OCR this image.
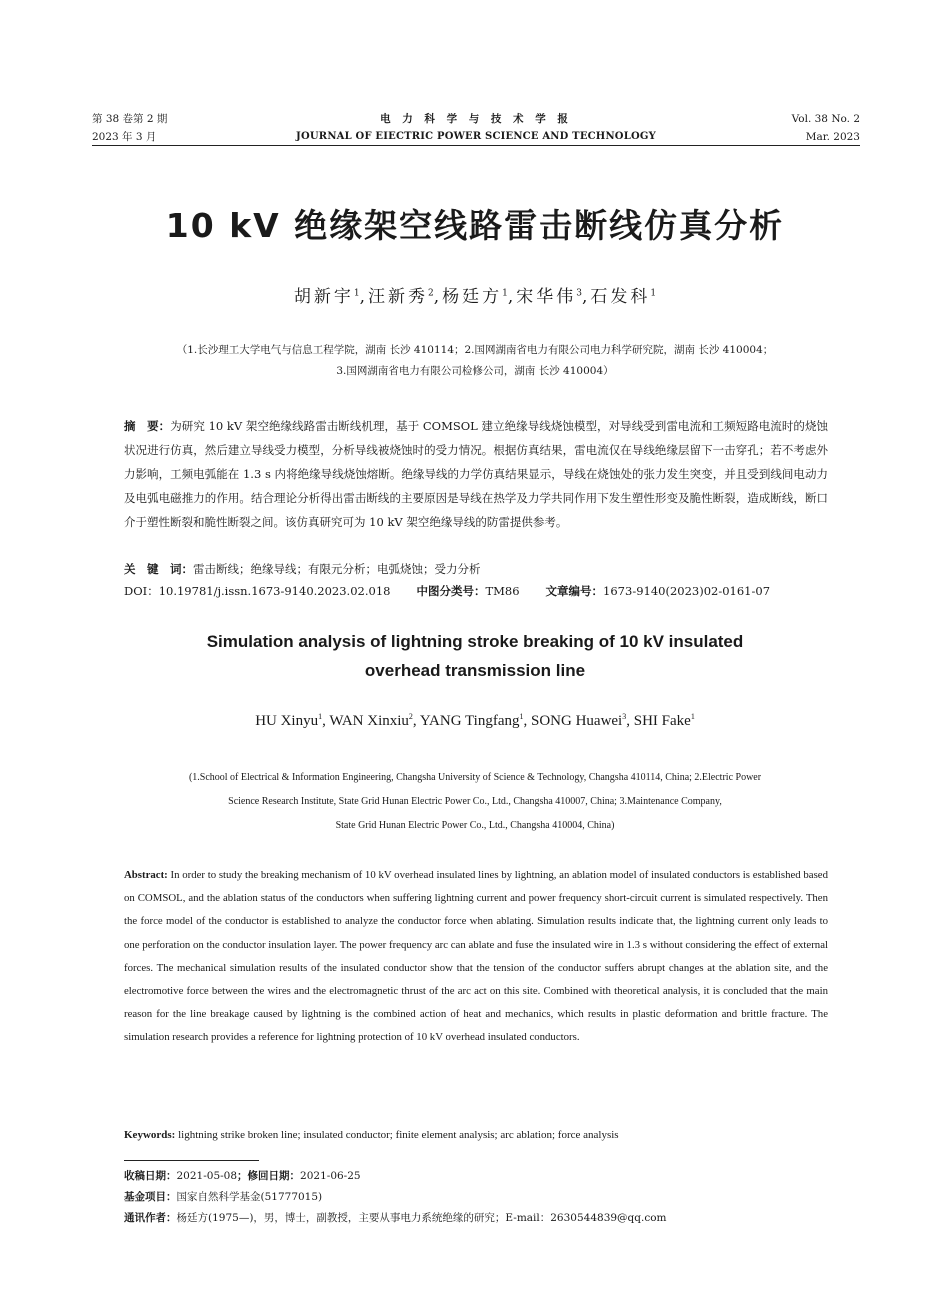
第 38 卷第 2 期
2023 年 3 月
电 力 科 学 与 技 术 学 报
JOURNAL OF EIECTRIC POWER SCIENCE AND TECHNOLOGY
Vol. 38 No. 2
Mar. 2023
10 kV 绝缘架空线路雷击断线仿真分析
胡新宇$^1$,汪新秀$^2$,杨廷方$^1$,宋华伟$^3$,石发科$^1$
（1.长沙理工大学电气与信息工程学院，湖南 长沙 410114；2.国网湖南省电力有限公司电力科学研究院，湖南 长沙 410004；
3.国网湖南省电力有限公司检修公司，湖南 长沙 410004）
摘　要：为研究 10 kV 架空绝缘线路雷击断线机理，基于 COMSOL 建立绝缘导线烧蚀模型，对导线受到雷电流和工频短路电流时的烧蚀状况进行仿真，然后建立导线受力模型，分析导线被烧蚀时的受力情况。根据仿真结果，雷电流仅在导线绝缘层留下一击穿孔；若不考虑外力影响，工频电弧能在 1.3 s 内将绝缘导线烧蚀熔断。绝缘导线的力学仿真结果显示，导线在烧蚀处的张力发生突变，并且受到线间电动力及电弧电磁推力的作用。结合理论分析得出雷击断线的主要原因是导线在热学及力学共同作用下发生塑性形变及脆性断裂，造成断线，断口介于塑性断裂和脆性断裂之间。该仿真研究可为 10 kV 架空绝缘导线的防雷提供参考。
关　键　词：雷击断线；绝缘导线；有限元分析；电弧烧蚀；受力分析
DOI：10.19781/j.issn.1673-9140.2023.02.018 中图分类号：TM86 文章编号：1673-9140(2023)02-0161-07
Simulation analysis of lightning stroke breaking of 10 kV insulated
overhead transmission line
HU Xinyu$^1$, WAN Xinxiu$^2$, YANG Tingfang$^1$, SONG Huawei$^3$, SHI Fake$^1$
(1.School of Electrical & Information Engineering, Changsha University of Science & Technology, Changsha 410114, China; 2.Electric Power
Science Research Institute, State Grid Hunan Electric Power Co., Ltd., Changsha 410007, China; 3.Maintenance Company,
State Grid Hunan Electric Power Co., Ltd., Changsha 410004, China)
Abstract: In order to study the breaking mechanism of 10 kV overhead insulated lines by lightning, an ablation model of insulated conductors is established based on COMSOL, and the ablation status of the conductors when suffering lightning current and power frequency short-circuit current is simulated respectively. Then the force model of the conductor is established to analyze the conductor force when ablating. Simulation results indicate that, the lightning current only leads to one perforation on the conductor insulation layer. The power frequency arc can ablate and fuse the insulated wire in 1.3 s without considering the effect of external forces. The mechanical simulation results of the insulated conductor show that the tension of the conductor suffers abrupt changes at the ablation site, and the electromotive force between the wires and the electromagnetic thrust of the arc act on this site. Combined with theoretical analysis, it is concluded that the main reason for the line breakage caused by lightning is the combined action of heat and mechanics, which results in plastic deformation and brittle fracture. The simulation research provides a reference for lightning protection of 10 kV overhead insulated conductors.
Keywords: lightning strike broken line; insulated conductor; finite element analysis; arc ablation; force analysis
收稿日期：2021-05-08；修回日期：2021-06-25
基金项目：国家自然科学基金(51777015)
通讯作者：杨廷方(1975—)，男，博士，副教授，主要从事电力系统绝缘的研究；E-mail：2630544839@qq.com
